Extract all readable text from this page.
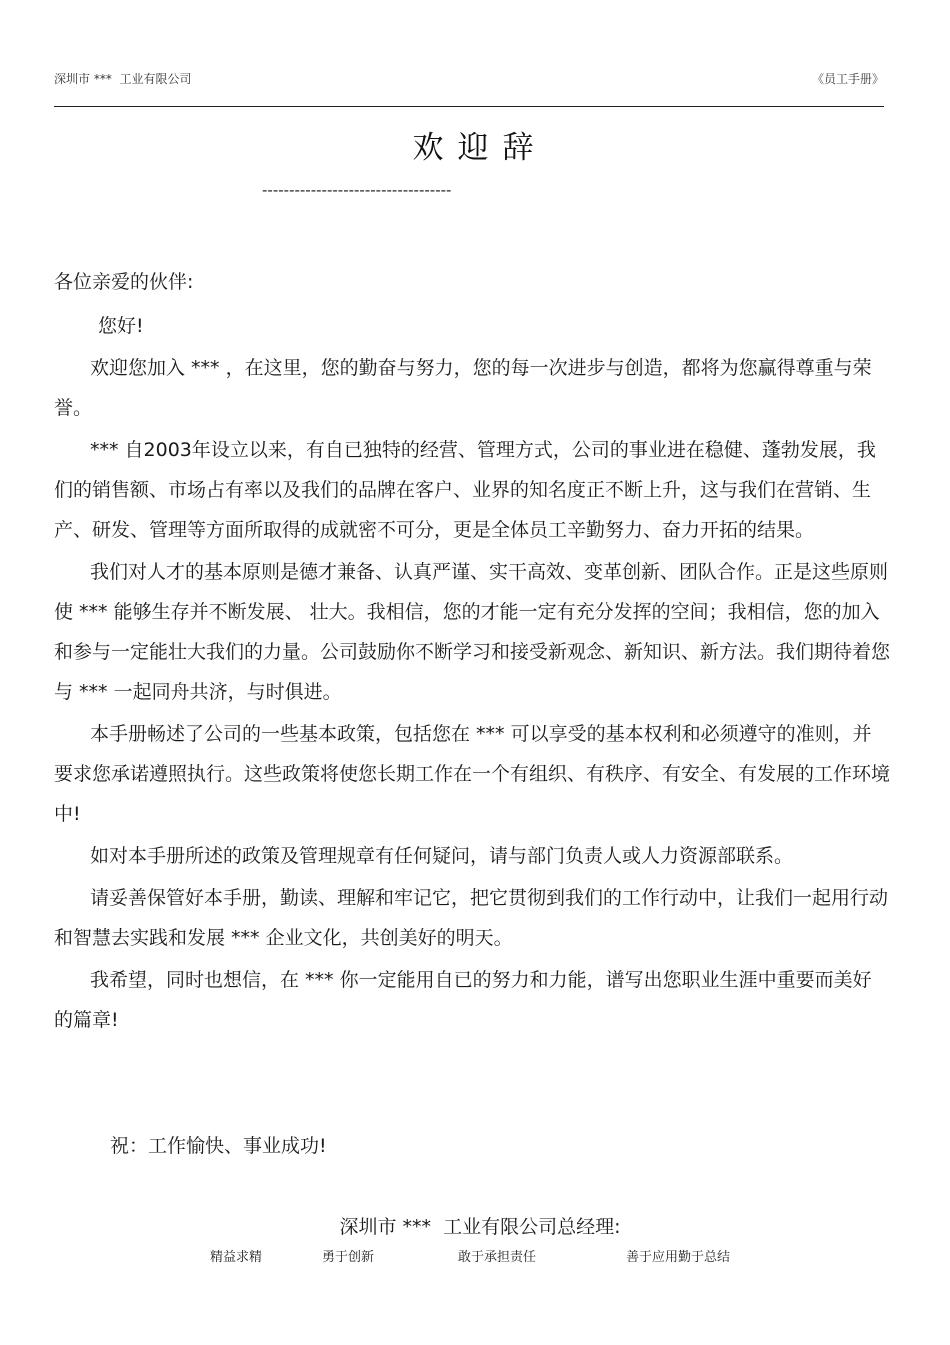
深圳市 ***  工业有限公司	《员工手册》
欢迎辞
-----------------------------------

各位亲爱的伙伴:

您好!

欢迎您加入 *** ，在这里，您的勤奋与努力，您的每一次进步与创造，都将为您赢得尊重与荣誉。

*** 自2003年设立以来，有自已独特的经营、管理方式，公司的事业进在稳健、蓬勃发展，我们的销售额、市场占有率以及我们的品牌在客户、业界的知名度正不断上升，这与我们在营销、生产、研发、管理等方面所取得的成就密不可分，更是全体员工辛勤努力、奋力开拓的结果。

我们对人才的基本原则是德才兼备、认真严谨、实干高效、变革创新、团队合作。正是这些原则使 *** 能够生存并不断发展、 壮大。我相信，您的才能一定有充分发挥的空间；我相信，您的加入和参与一定能壮大我们的力量。公司鼓励你不断学习和接受新观念、新知识、新方法。我们期待着您与 *** 一起同舟共济，与时俱进。

本手册畅述了公司的一些基本政策，包括您在 *** 可以享受的基本权利和必须遵守的准则，并要求您承诺遵照执行。这些政策将使您长期工作在一个有组织、有秩序、有安全、有发展的工作环境中!

如对本手册所述的政策及管理规章有任何疑问，请与部门负责人或人力资源部联系。

请妥善保管好本手册，勤读、理解和牢记它，把它贯彻到我们的工作行动中，让我们一起用行动和智慧去实践和发展 *** 企业文化，共创美好的明天。

我希望，同时也想信，在 *** 你一定能用自已的努力和力能，谱写出您职业生涯中重要而美好的篇章!

祝：工作愉快、事业成功!
深圳市 ***  工业有限公司总经理:
精益求精	勇于创新	敢于承担责任	善于应用勤于总结
